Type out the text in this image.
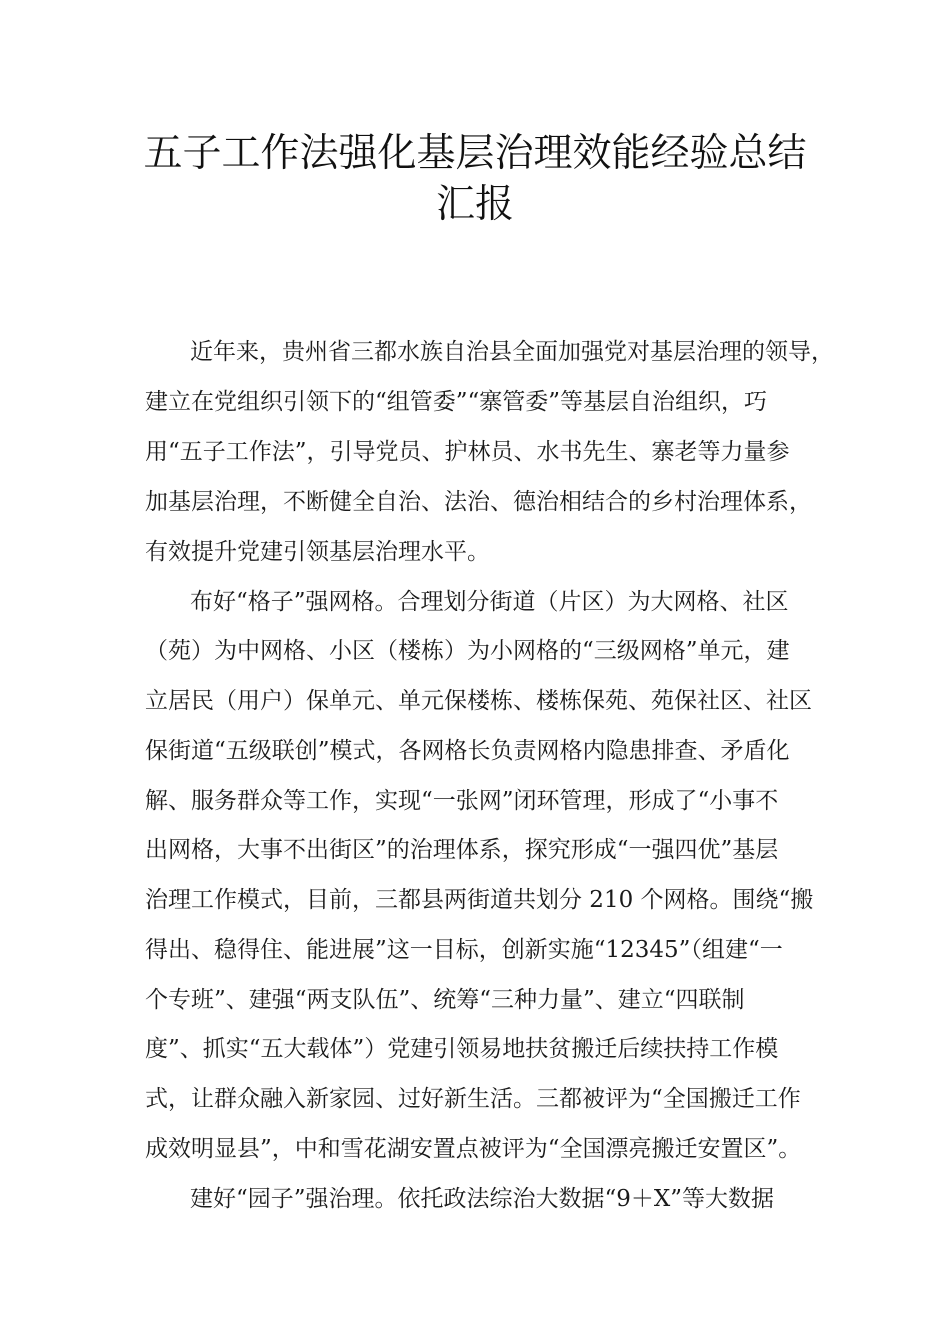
五子工作法强化基层治理效能经验总结
汇报

近年来，贵州省三都水族自治县全面加强党对基层治理的领导，

建立在党组织引领下的“组管委”“寨管委”等基层自治组织，巧

用“五子工作法”，引导党员、护林员、水书先生、寨老等力量参

加基层治理，不断健全自治、法治、德治相结合的乡村治理体系，

有效提升党建引领基层治理水平。

布好“格子”强网格。合理划分街道（片区）为大网格、社区

（苑）为中网格、小区（楼栋）为小网格的“三级网格”单元，建

立居民（用户）保单元、单元保楼栋、楼栋保苑、苑保社区、社区

保街道“五级联创”模式，各网格长负责网格内隐患排查、矛盾化

解、服务群众等工作，实现“一张网”闭环管理，形成了“小事不

出网格，大事不出街区”的治理体系，探究形成“一强四优”基层

治理工作模式，目前，三都县两街道共划分 210 个网格。围绕“搬

得出、稳得住、能进展”这一目标，创新实施“12345”（组建“一

个专班”、建强“两支队伍”、统筹“三种力量”、建立“四联制

度”、抓实“五大载体”）党建引领易地扶贫搬迁后续扶持工作模

式，让群众融入新家园、过好新生活。三都被评为“全国搬迁工作

成效明显县”，中和雪花湖安置点被评为“全国漂亮搬迁安置区”。

建好“园子”强治理。依托政法综治大数据“9＋X”等大数据
